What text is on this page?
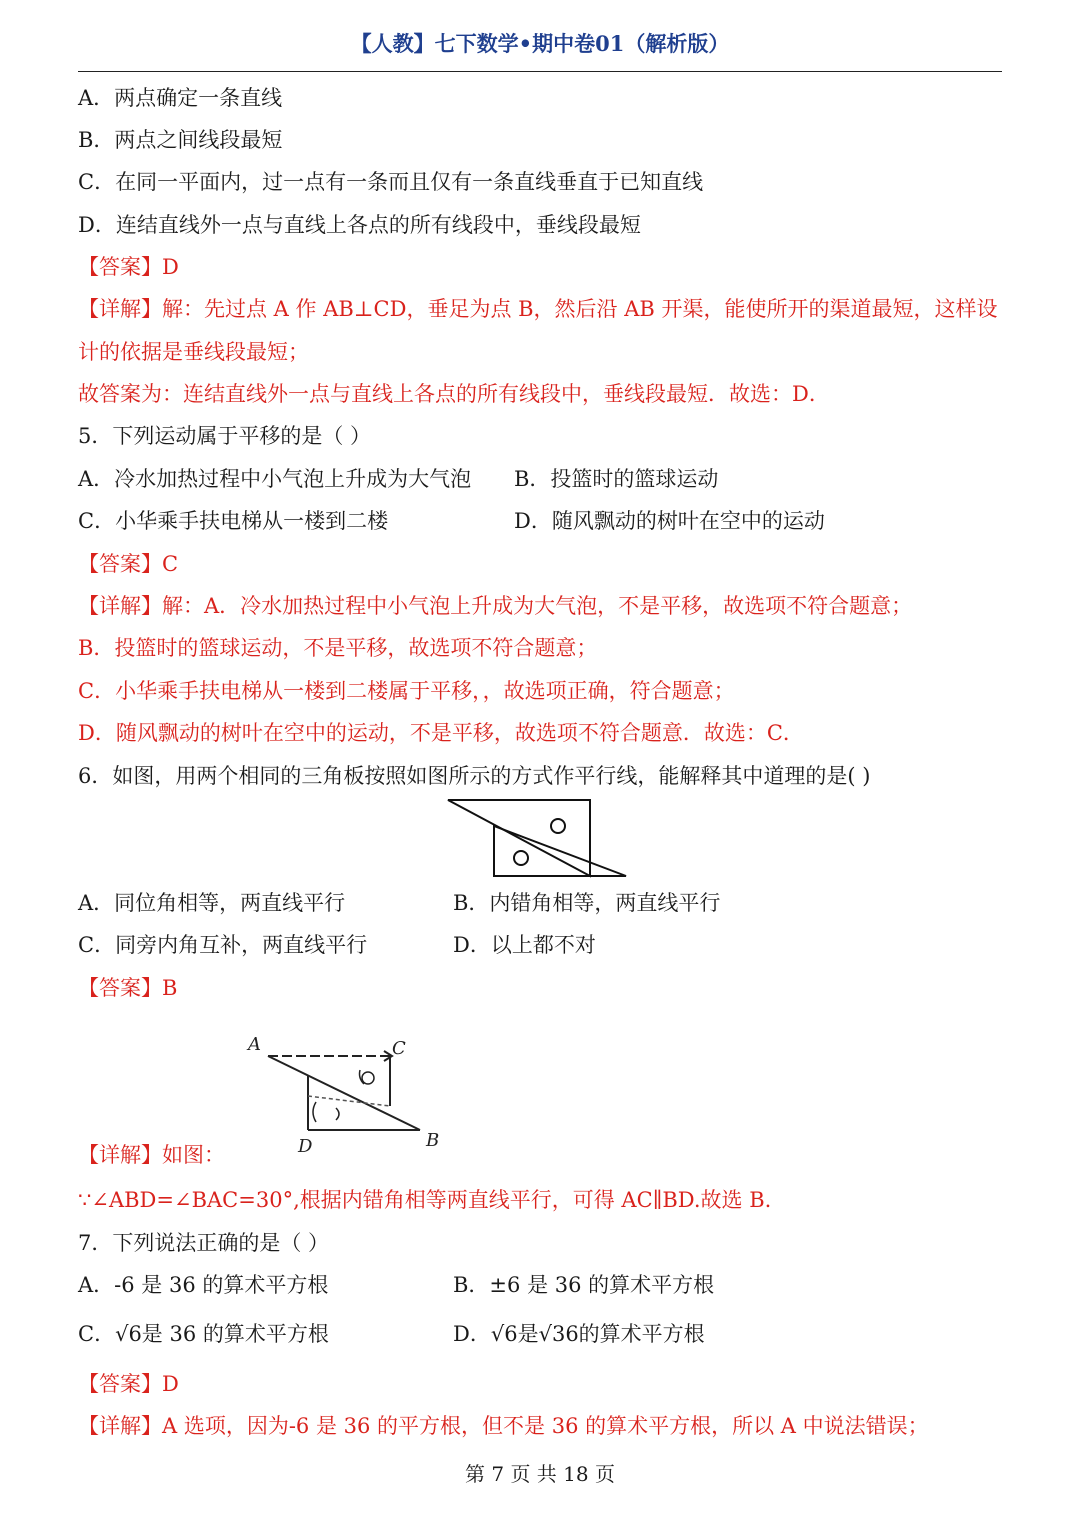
【人教】七下数学•期中卷01（解析版）
A．两点确定一条直线
B．两点之间线段最短
C．在同一平面内，过一点有一条而且仅有一条直线垂直于已知直线
D．连结直线外一点与直线上各点的所有线段中，垂线段最短
【答案】D
【详解】解：先过点 A 作 AB⊥CD，垂足为点 B，然后沿 AB 开渠，能使所开的渠道最短，这样设
计的依据是垂线段最短；
故答案为：连结直线外一点与直线上各点的所有线段中，垂线段最短．故选：D．
5．下列运动属于平移的是（ ）
A．冷水加热过程中小气泡上升成为大气泡 B．投篮时的篮球运动
C．小华乘手扶电梯从一楼到二楼	D．随风飘动的树叶在空中的运动
【答案】C
【详解】解：A．冷水加热过程中小气泡上升成为大气泡，不是平移，故选项不符合题意；
B．投篮时的篮球运动，不是平移，故选项不符合题意；
C．小华乘手扶电梯从一楼到二楼属于平移，，故选项正确，符合题意；
D．随风飘动的树叶在空中的运动，不是平移，故选项不符合题意．故选：C．
6．如图，用两个相同的三角板按照如图所示的方式作平行线，能解释其中道理的是( )
A．同位角相等，两直线平行	B．内错角相等，两直线平行
C．同旁内角互补，两直线平行	D．以上都不对
【答案】B
A	C
D	B
【详解】如图：
∵∠ABD=∠BAC=30°,根据内错角相等两直线平行，可得 AC∥BD.故选 B.
7．下列说法正确的是（ ）
A．-6 是 36 的算术平方根	B．±6 是 36 的算术平方根
C．√6是 36 的算术平方根	D．√6是√36的算术平方根
【答案】D
【详解】A 选项，因为-6 是 36 的平方根，但不是 36 的算术平方根，所以 A 中说法错误；
第 7 页 共 18 页
